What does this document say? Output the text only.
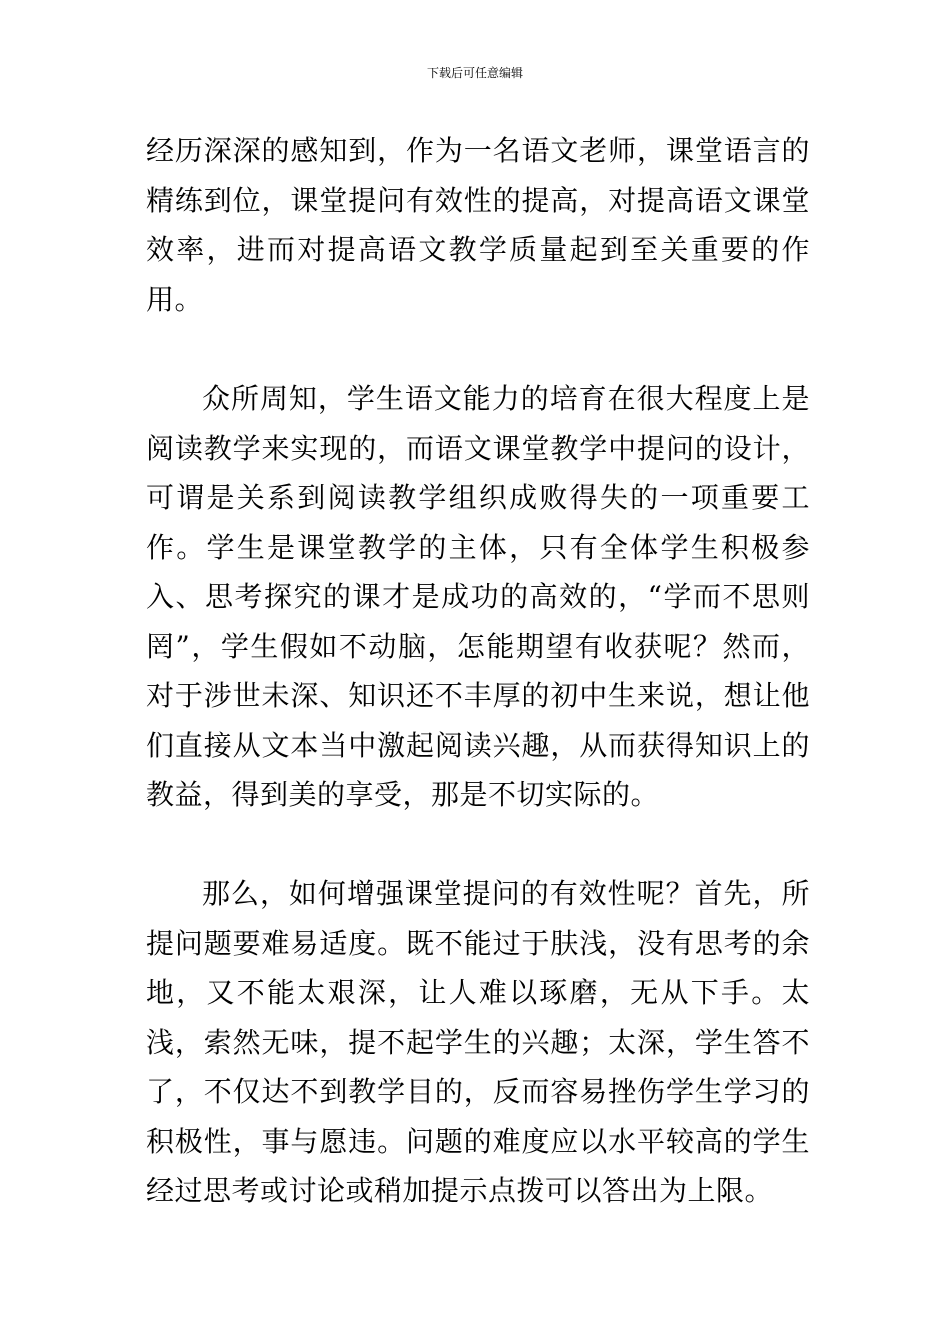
下载后可任意编辑

经历深深的感知到，作为一名语文老师，课堂语言的精练到位，课堂提问有效性的提高，对提高语文课堂效率，进而对提高语文教学质量起到至关重要的作用。

众所周知，学生语文能力的培育在很大程度上是阅读教学来实现的，而语文课堂教学中提问的设计，可谓是关系到阅读教学组织成败得失的一项重要工作。学生是课堂教学的主体，只有全体学生积极参入、思考探究的课才是成功的高效的，“学而不思则罔”，学生假如不动脑，怎能期望有收获呢？然而，对于涉世未深、知识还不丰厚的初中生来说，想让他们直接从文本当中激起阅读兴趣，从而获得知识上的教益，得到美的享受，那是不切实际的。

那么，如何增强课堂提问的有效性呢？首先，所提问题要难易适度。既不能过于肤浅，没有思考的余地，又不能太艰深，让人难以琢磨，无从下手。太浅，索然无味，提不起学生的兴趣；太深，学生答不了，不仅达不到教学目的，反而容易挫伤学生学习的积极性，事与愿违。问题的难度应以水平较高的学生经过思考或讨论或稍加提示点拨可以答出为上限。
